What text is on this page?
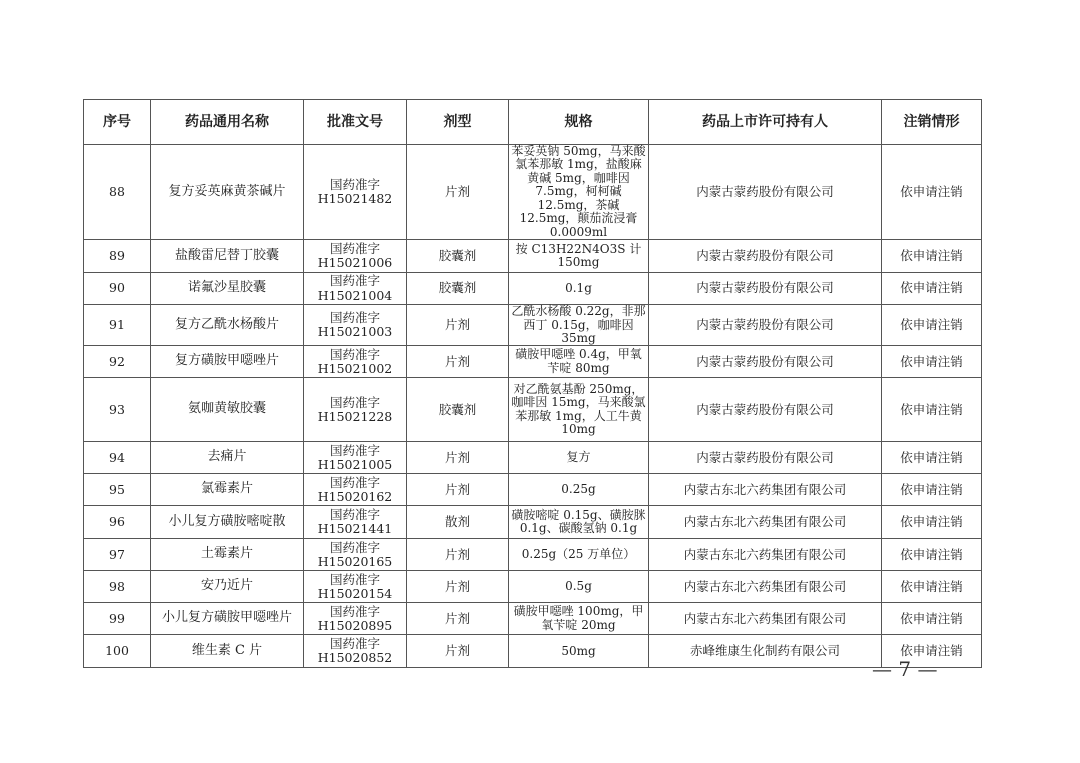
序号	药品通用名称	批准文号	剂型	规格	药品上市许可持有人	注销情形
88	复方妥英麻黄茶碱片	国药准字H15021482	片剂	苯妥英钠 50mg，马来酸氯苯那敏 1mg，盐酸麻黄碱 5mg，咖啡因7.5mg，柯柯碱 12.5mg，茶碱 12.5mg，颠茄流浸膏 0.0009ml	内蒙古蒙药股份有限公司	依申请注销
89	盐酸雷尼替丁胶囊	国药准字H15021006	胶囊剂	按 C13H22N4O3S 计150mg	内蒙古蒙药股份有限公司	依申请注销
90	诺氟沙星胶囊	国药准字H15021004	胶囊剂	0.1g	内蒙古蒙药股份有限公司	依申请注销
91	复方乙酰水杨酸片	国药准字H15021003	片剂	乙酰水杨酸 0.22g，非那西丁 0.15g，咖啡因 35mg	内蒙古蒙药股份有限公司	依申请注销
92	复方磺胺甲噁唑片	国药准字H15021002	片剂	磺胺甲噁唑 0.4g，甲氧苄啶 80mg	内蒙古蒙药股份有限公司	依申请注销
93	氨咖黄敏胶囊	国药准字H15021228	胶囊剂	对乙酰氨基酚 250mg，咖啡因 15mg，马来酸氯苯那敏 1mg，人工牛黄10mg	内蒙古蒙药股份有限公司	依申请注销
94	去痛片	国药准字H15021005	片剂	复方	内蒙古蒙药股份有限公司	依申请注销
95	氯霉素片	国药准字H15020162	片剂	0.25g	内蒙古东北六药集团有限公司	依申请注销
96	小儿复方磺胺嘧啶散	国药准字H15021441	散剂	磺胺嘧啶 0.15g、磺胺脒0.1g、碳酸氢钠 0.1g	内蒙古东北六药集团有限公司	依申请注销
97	土霉素片	国药准字H15020165	片剂	0.25g（25 万单位）	内蒙古东北六药集团有限公司	依申请注销
98	安乃近片	国药准字H15020154	片剂	0.5g	内蒙古东北六药集团有限公司	依申请注销
99	小儿复方磺胺甲噁唑片	国药准字H15020895	片剂	磺胺甲噁唑 100mg，甲氧苄啶 20mg	内蒙古东北六药集团有限公司	依申请注销
100	维生素 C 片	国药准字H15020852	片剂	50mg	赤峰维康生化制药有限公司	依申请注销
— 7 —
